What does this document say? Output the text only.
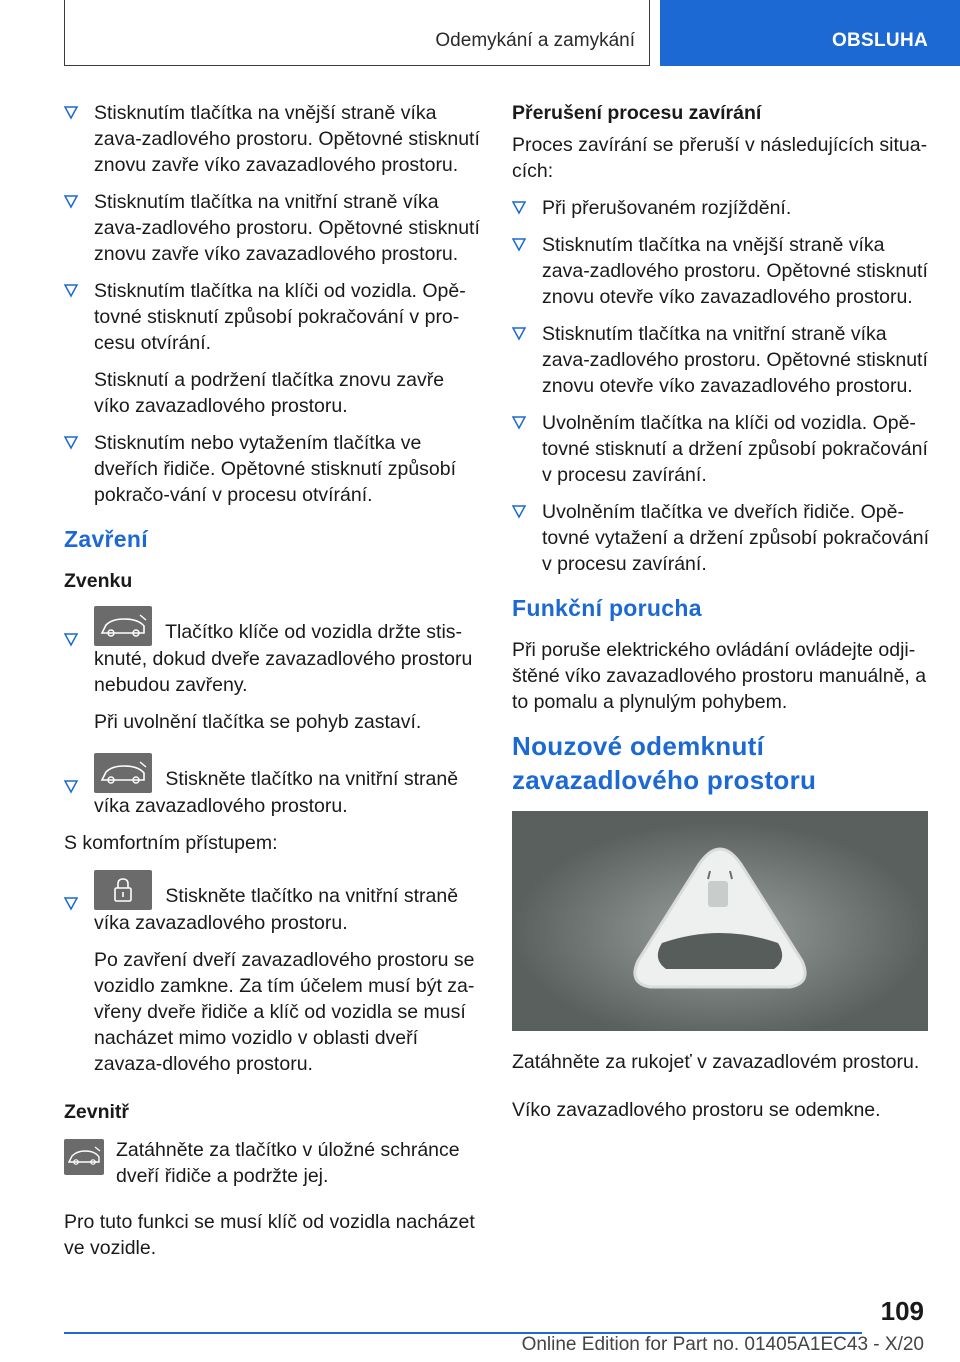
Odemykání a zamykání	OBSLUHA
Stisknutím tlačítka na vnější straně víka zava-zadlového prostoru. Opětovné stisknutí znovu zavře víko zavazadlového prostoru.
Stisknutím tlačítka na vnitřní straně víka zava-zadlového prostoru. Opětovné stisknutí znovu zavře víko zavazadlového prostoru.
Stisknutím tlačítka na klíči od vozidla. Opě-tovné stisknutí způsobí pokračování v pro-cesu otvírání.
Stisknutí a podržení tlačítka znovu zavře víko zavazadlového prostoru.
Stisknutím nebo vytažením tlačítka ve dveřích řidiče. Opětovné stisknutí způsobí pokračo-vání v procesu otvírání.
Zavření
Zvenku
Tlačítko klíče od vozidla držte stis-knuté, dokud dveře zavazadlového prostoru nebudou zavřeny.
Při uvolnění tlačítka se pohyb zastaví.
Stiskněte tlačítko na vnitřní straně víka zavazadlového prostoru.
S komfortním přístupem:
Stiskněte tlačítko na vnitřní straně víka zavazadlového prostoru.
Po zavření dveří zavazadlového prostoru se vozidlo zamkne. Za tím účelem musí být za-vřeny dveře řidiče a klíč od vozidla se musí nacházet mimo vozidlo v oblasti dveří zavaza-dlového prostoru.
Zevnitř
Zatáhněte za tlačítko v úložné schránce dveří řidiče a podržte jej.
Pro tuto funkci se musí klíč od vozidla nacházet ve vozidle.
Přerušení procesu zavírání
Proces zavírání se přeruší v následujících situa-cích:
Při přerušovaném rozjíždění.
Stisknutím tlačítka na vnější straně víka zava-zadlového prostoru. Opětovné stisknutí znovu otevře víko zavazadlového prostoru.
Stisknutím tlačítka na vnitřní straně víka zava-zadlového prostoru. Opětovné stisknutí znovu otevře víko zavazadlového prostoru.
Uvolněním tlačítka na klíči od vozidla. Opě-tovné stisknutí a držení způsobí pokračování v procesu zavírání.
Uvolněním tlačítka ve dveřích řidiče. Opě-tovné vytažení a držení způsobí pokračování v procesu zavírání.
Funkční porucha
Při poruše elektrického ovládání ovládejte odji-štěné víko zavazadlového prostoru manuálně, a to pomalu a plynulým pohybem.
Nouzové odemknutí zavazadlového prostoru
Zatáhněte za rukojeť v zavazadlovém prostoru.
Víko zavazadlového prostoru se odemkne.
109
Online Edition for Part no. 01405A1EC43 - X/20
